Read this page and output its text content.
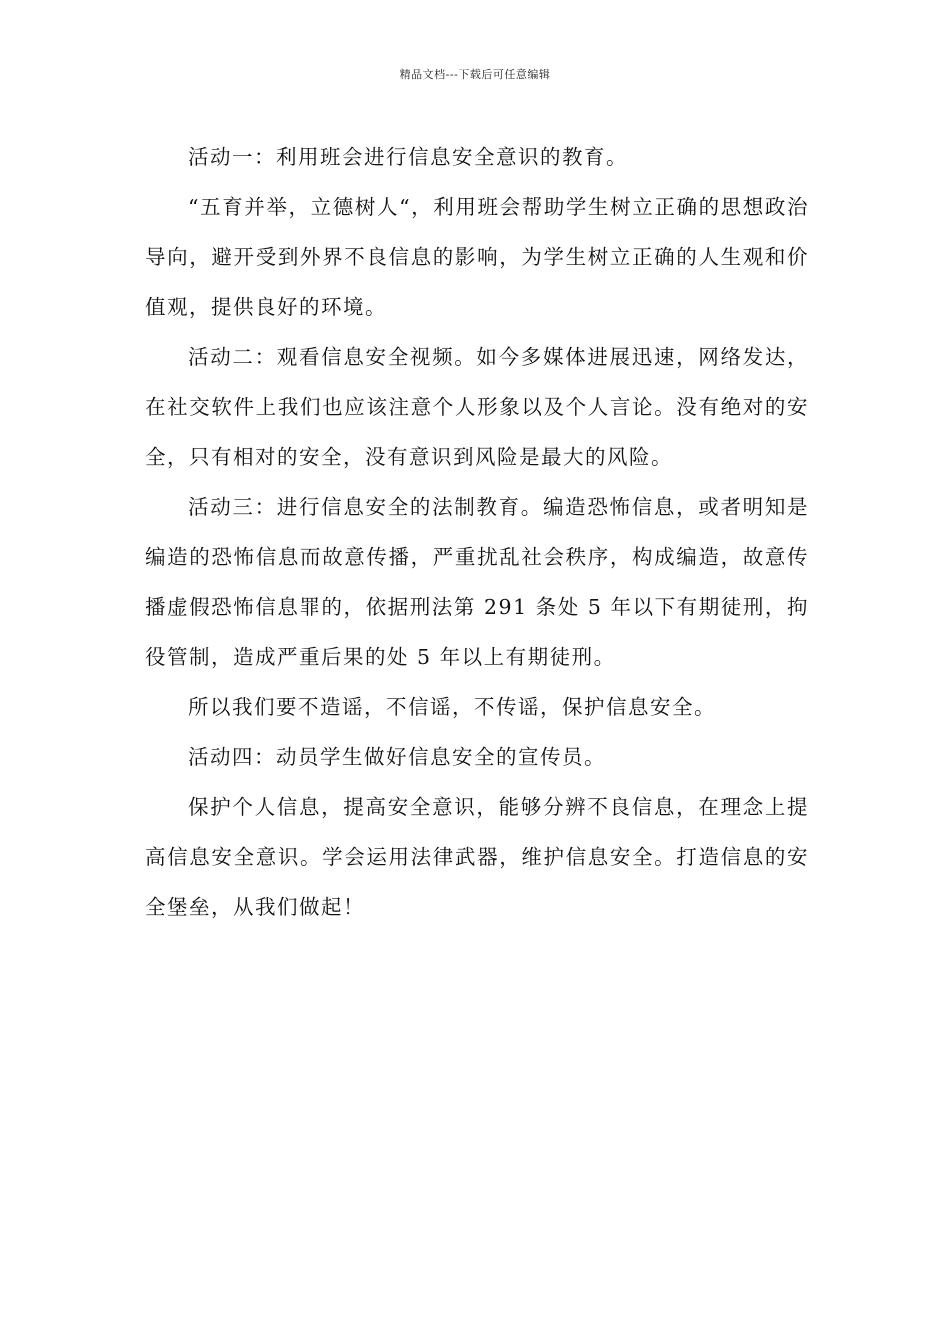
精品文档---下载后可任意编辑

活动一：利用班会进行信息安全意识的教育。

“五育并举，立德树人“，利用班会帮助学生树立正确的思想政治导向，避开受到外界不良信息的影响，为学生树立正确的人生观和价值观，提供良好的环境。

活动二：观看信息安全视频。如今多媒体进展迅速，网络发达，在社交软件上我们也应该注意个人形象以及个人言论。没有绝对的安全，只有相对的安全，没有意识到风险是最大的风险。

活动三：进行信息安全的法制教育。编造恐怖信息，或者明知是编造的恐怖信息而故意传播，严重扰乱社会秩序，构成编造，故意传播虚假恐怖信息罪的，依据刑法第 291 条处 5 年以下有期徒刑，拘役管制，造成严重后果的处 5 年以上有期徒刑。

所以我们要不造谣，不信谣，不传谣，保护信息安全。

活动四：动员学生做好信息安全的宣传员。

保护个人信息，提高安全意识，能够分辨不良信息，在理念上提高信息安全意识。学会运用法律武器，维护信息安全。打造信息的安全堡垒，从我们做起！
